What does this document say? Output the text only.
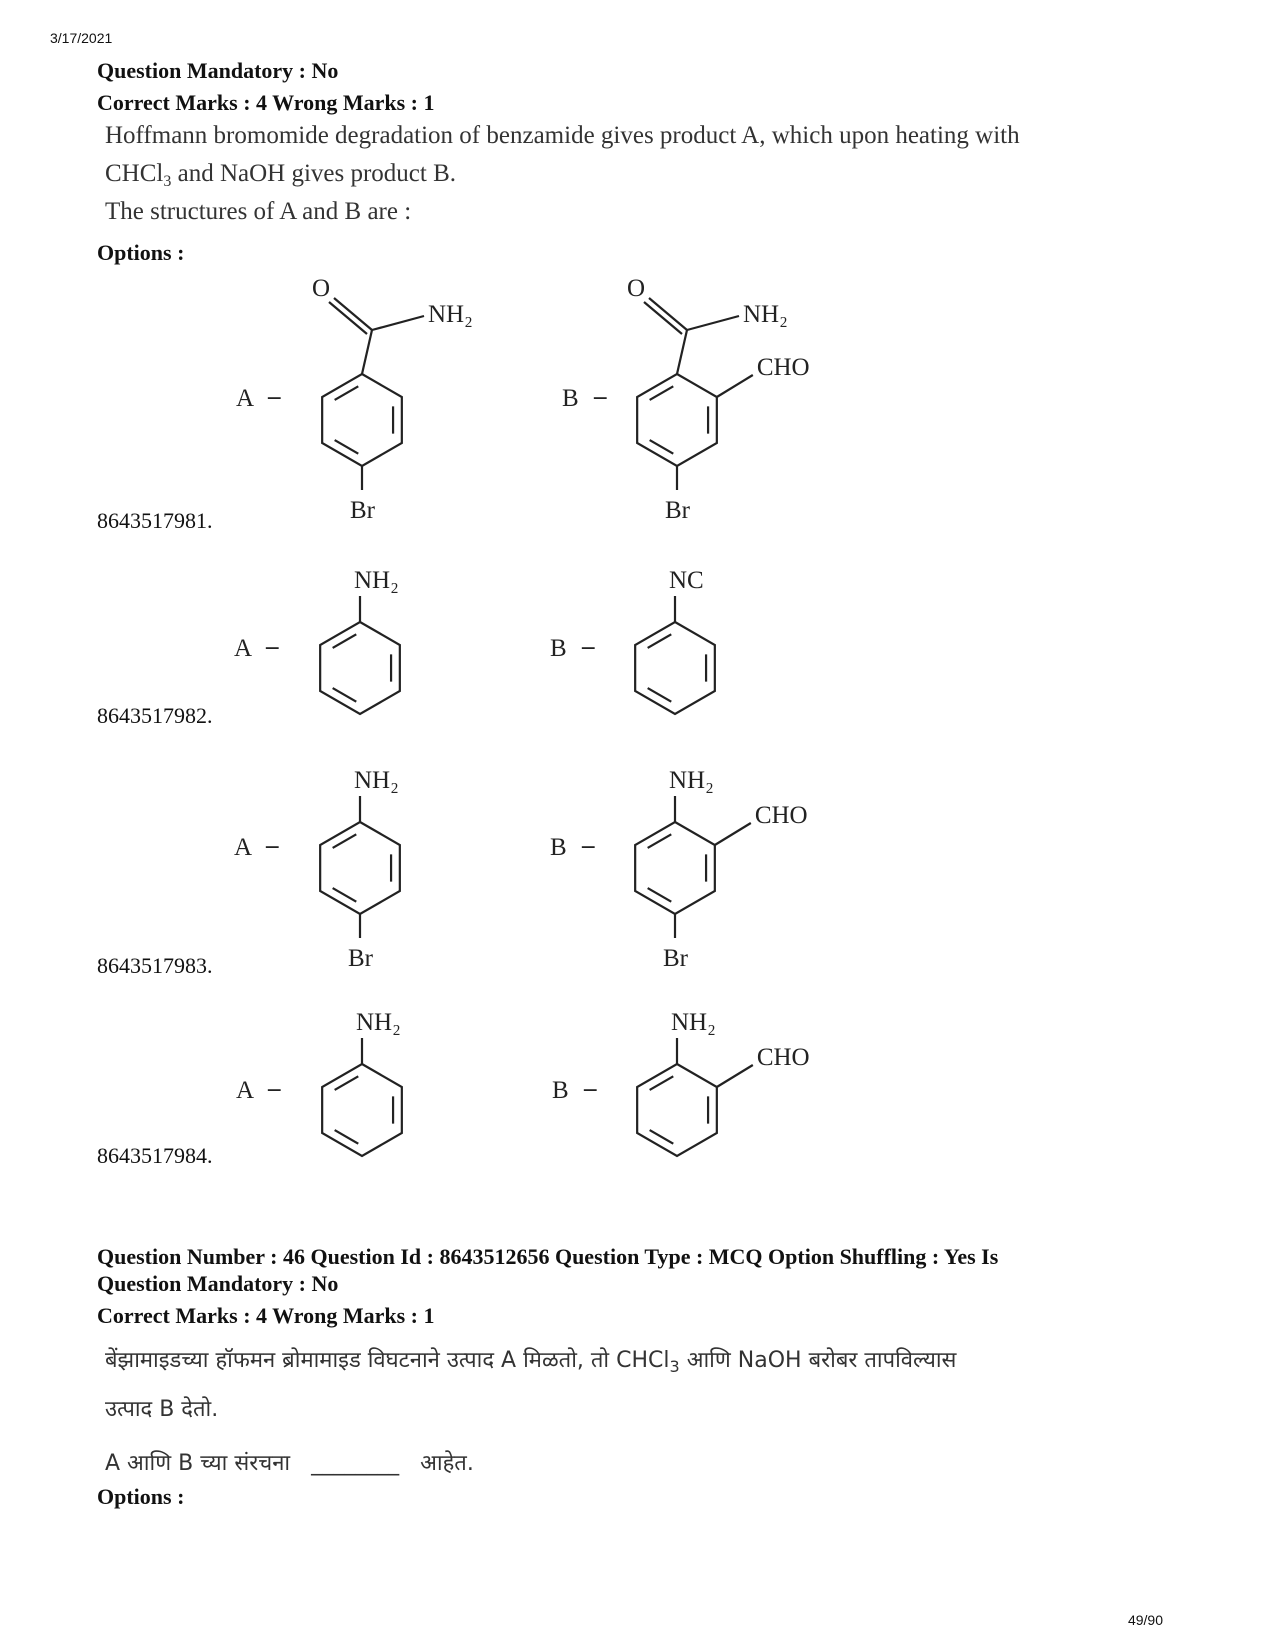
3/17/2021
Question Mandatory : No
Correct Marks : 4 Wrong Marks : 1
Hoffmann bromomide degradation of benzamide gives product A, which upon heating with
CHCl$_3$ and NaOH gives product B.
The structures of A and B are :
Options :
8643517981.
8643517982.
8643517983.
8643517984.
A –	B –
O
NH₂
Br
O
NH₂
CHO
Br
A –	B –
NH₂	NC
A –	B –
NH₂
Br
NH₂
CHO
Br
A –	B –
NH₂	NH₂
CHO
Question Number : 46 Question Id : 8643512656 Question Type : MCQ Option Shuffling : Yes Is
Question Mandatory : No
Correct Marks : 4 Wrong Marks : 1
बेंझामाइडच्या हॉफमन ब्रोमामाइड विघटनाने उत्पाद A मिळतो, तो CHCl$_3$ आणि NaOH बरोबर तापविल्यास
उत्पाद B देतो.
A आणि B च्या संरचना ________ आहेत.
Options :
49/90
